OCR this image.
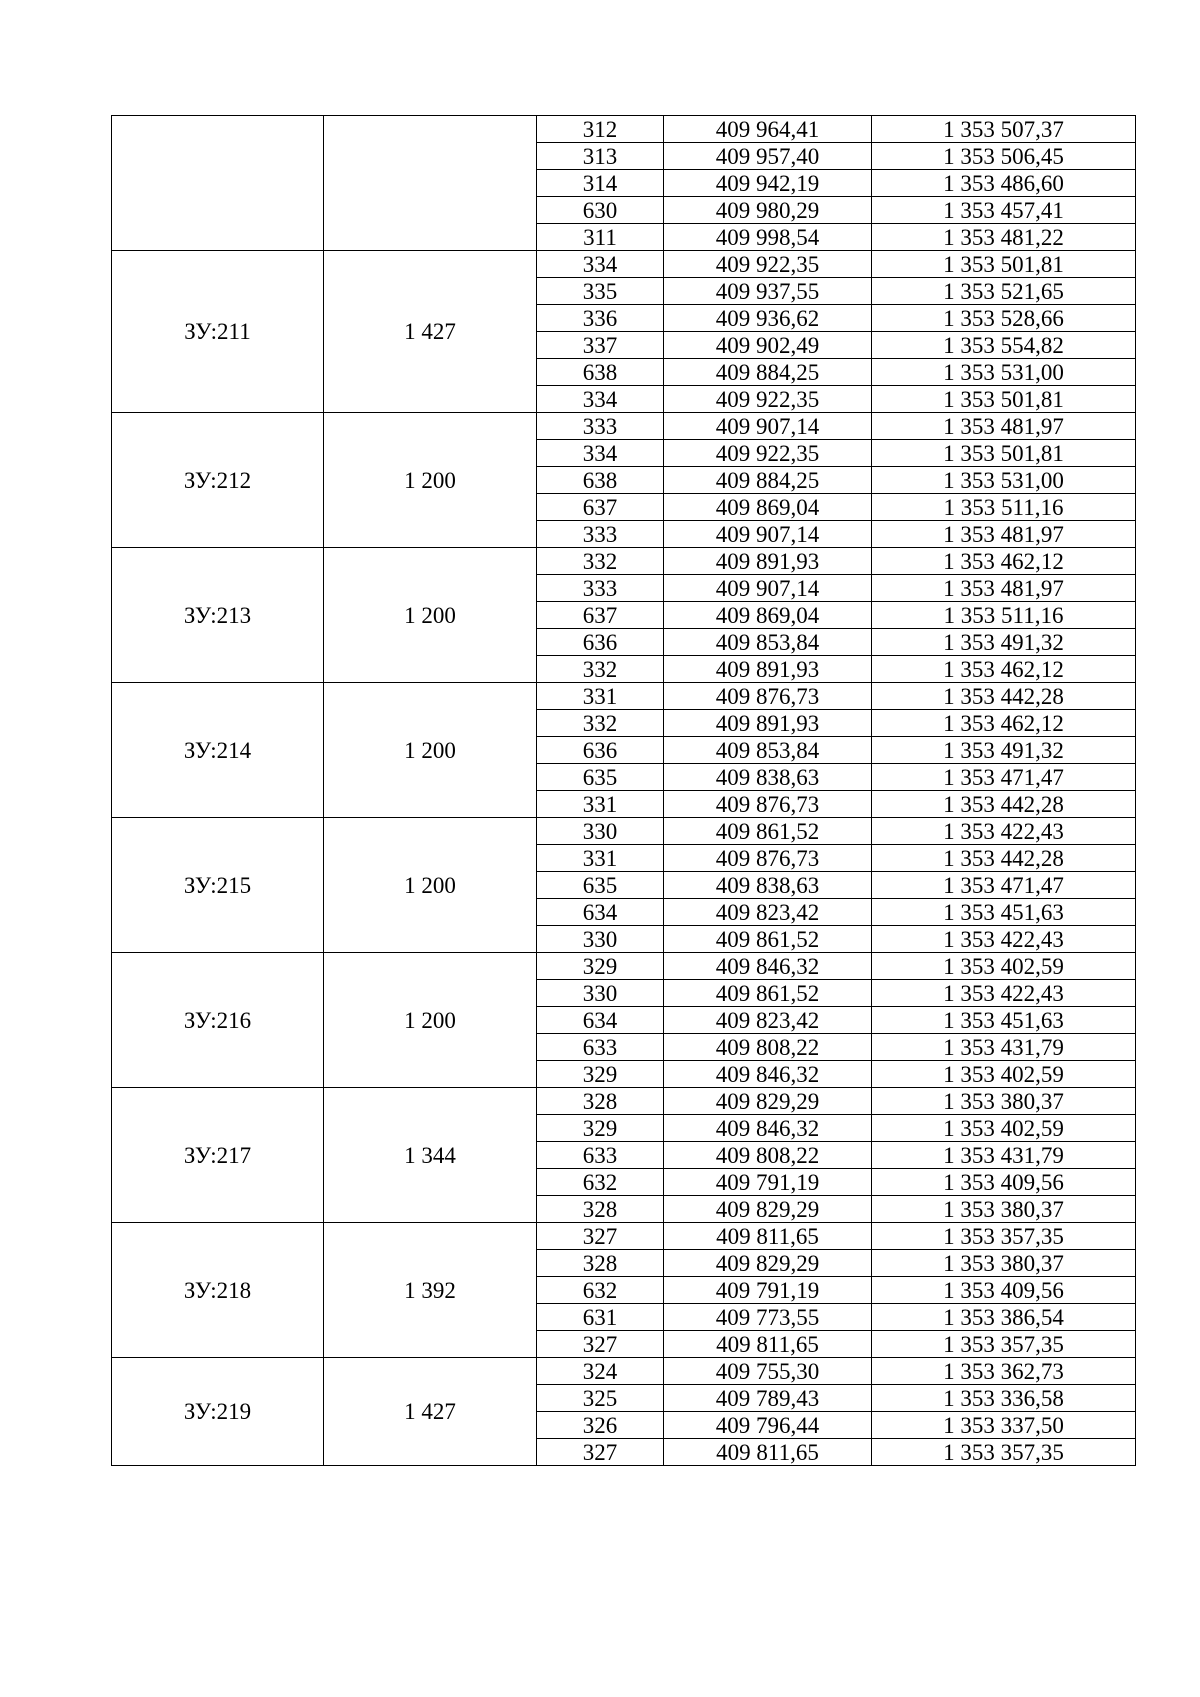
		312	409 964,41	1 353 507,37
		313	409 957,40	1 353 506,45
		314	409 942,19	1 353 486,60
		630	409 980,29	1 353 457,41
		311	409 998,54	1 353 481,22
ЗУ:211	1 427	334	409 922,35	1 353 501,81
		335	409 937,55	1 353 521,65
		336	409 936,62	1 353 528,66
		337	409 902,49	1 353 554,82
		638	409 884,25	1 353 531,00
		334	409 922,35	1 353 501,81
ЗУ:212	1 200	333	409 907,14	1 353 481,97
		334	409 922,35	1 353 501,81
		638	409 884,25	1 353 531,00
		637	409 869,04	1 353 511,16
		333	409 907,14	1 353 481,97
ЗУ:213	1 200	332	409 891,93	1 353 462,12
		333	409 907,14	1 353 481,97
		637	409 869,04	1 353 511,16
		636	409 853,84	1 353 491,32
		332	409 891,93	1 353 462,12
ЗУ:214	1 200	331	409 876,73	1 353 442,28
		332	409 891,93	1 353 462,12
		636	409 853,84	1 353 491,32
		635	409 838,63	1 353 471,47
		331	409 876,73	1 353 442,28
ЗУ:215	1 200	330	409 861,52	1 353 422,43
		331	409 876,73	1 353 442,28
		635	409 838,63	1 353 471,47
		634	409 823,42	1 353 451,63
		330	409 861,52	1 353 422,43
ЗУ:216	1 200	329	409 846,32	1 353 402,59
		330	409 861,52	1 353 422,43
		634	409 823,42	1 353 451,63
		633	409 808,22	1 353 431,79
		329	409 846,32	1 353 402,59
ЗУ:217	1 344	328	409 829,29	1 353 380,37
		329	409 846,32	1 353 402,59
		633	409 808,22	1 353 431,79
		632	409 791,19	1 353 409,56
		328	409 829,29	1 353 380,37
ЗУ:218	1 392	327	409 811,65	1 353 357,35
		328	409 829,29	1 353 380,37
		632	409 791,19	1 353 409,56
		631	409 773,55	1 353 386,54
		327	409 811,65	1 353 357,35
ЗУ:219	1 427	324	409 755,30	1 353 362,73
		325	409 789,43	1 353 336,58
		326	409 796,44	1 353 337,50
		327	409 811,65	1 353 357,35
